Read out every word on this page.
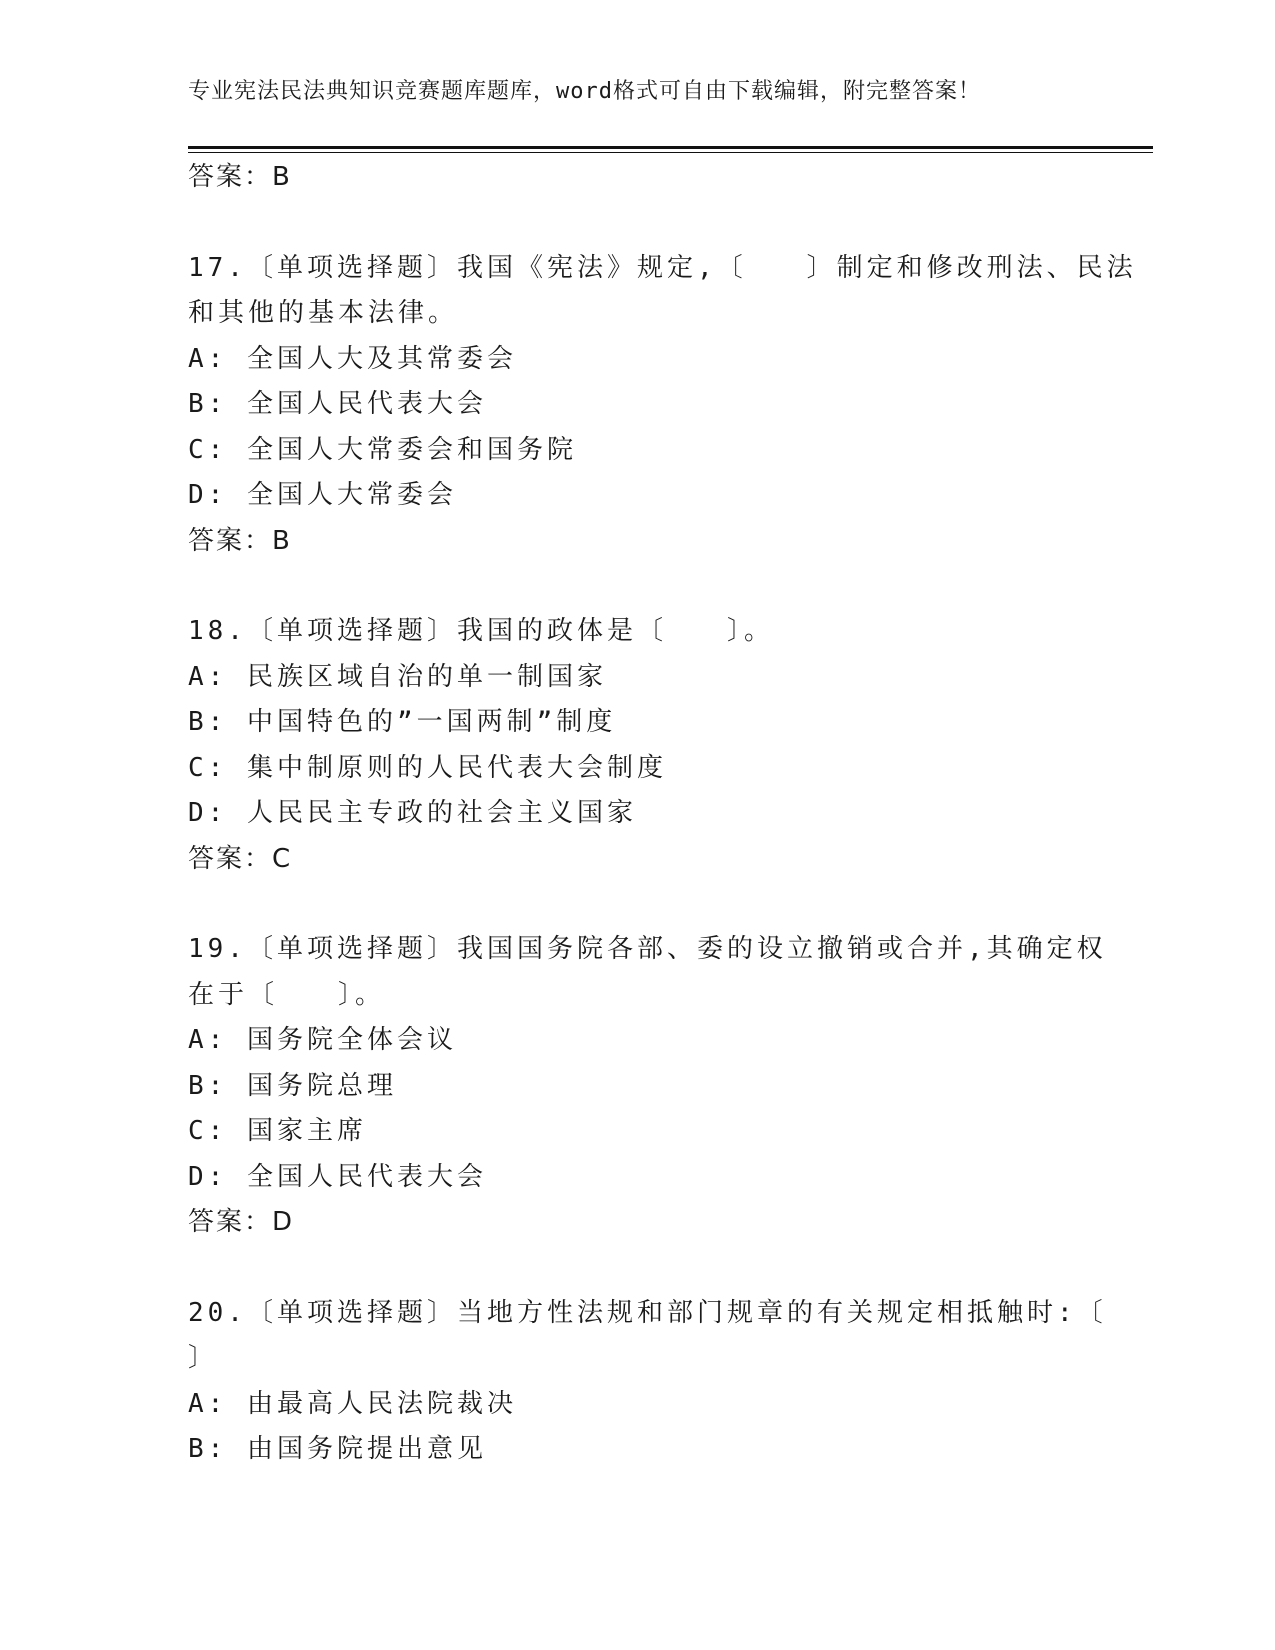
专业宪法民法典知识竞赛题库题库，word格式可自由下载编辑，附完整答案！
答案：B
17.〔单项选择题〕我国《宪法》规定,〔　　〕制定和修改刑法、民法
和其他的基本法律。
A: 全国人大及其常委会
B: 全国人民代表大会
C: 全国人大常委会和国务院
D: 全国人大常委会
答案：B
18.〔单项选择题〕我国的政体是〔　　〕。
A: 民族区域自治的单一制国家
B: 中国特色的”一国两制”制度
C: 集中制原则的人民代表大会制度
D: 人民民主专政的社会主义国家
答案：C
19.〔单项选择题〕我国国务院各部、委的设立撤销或合并,其确定权
在于〔　　〕。
A: 国务院全体会议
B: 国务院总理
C: 国家主席
D: 全国人民代表大会
答案：D
20.〔单项选择题〕当地方性法规和部门规章的有关规定相抵触时:〔
〕
A: 由最高人民法院裁决
B: 由国务院提出意见
